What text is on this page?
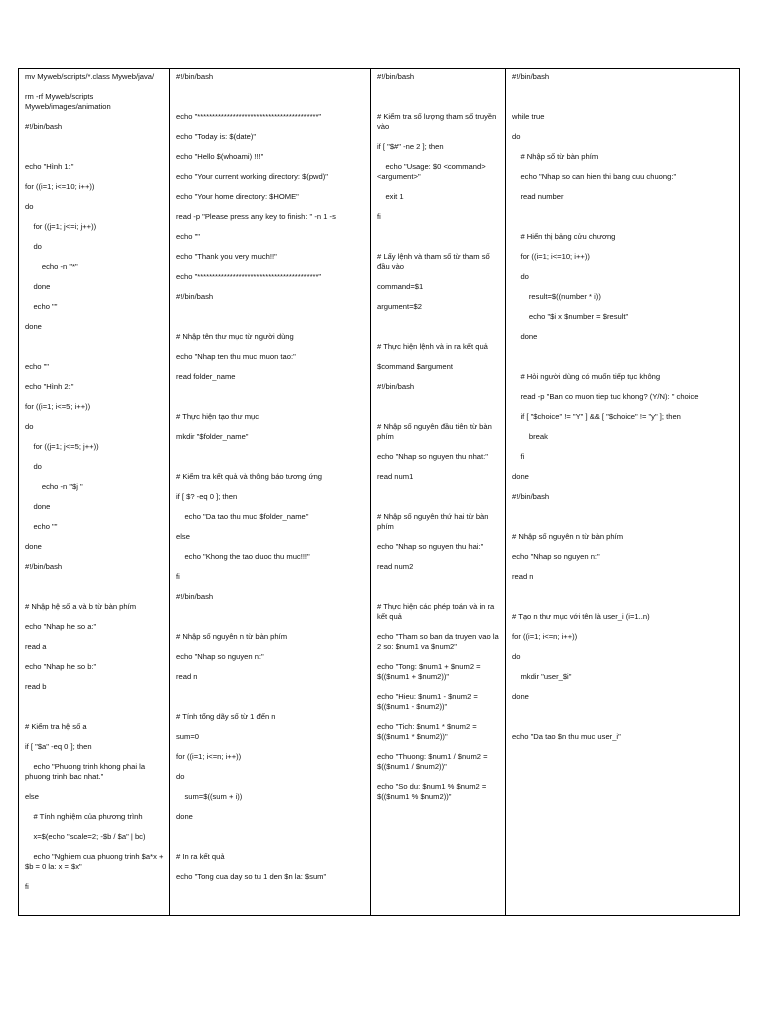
mv Myweb/scripts/*.class Myweb/java/
rm -rf Myweb/scripts Myweb/images/animation
#!/bin/bash
echo "Hình 1:"
for ((i=1; i<=10; i++))
do
for ((j=1; j<=i; j++))
do
echo -n "*"
done
echo ""
done
echo ""
echo "Hình 2:"
for ((i=1; i<=5; i++))
do
for ((j=1; j<=5; j++))
do
echo -n "$j "
done
echo ""
done
#!/bin/bash
# Nhập hệ số a và b từ bàn phím
echo "Nhap he so a:"
read a
echo "Nhap he so b:"
read b
# Kiểm tra hệ số a
if [ "$a" -eq 0 ]; then
echo "Phuong trinh khong phai la phuong trinh bac nhat."
else
# Tính nghiệm của phương trình
x=$(echo "scale=2; -$b / $a" | bc)
echo "Nghiem cua phuong trinh $a*x + $b = 0 la: x = $x"
fi
#!/bin/bash
echo "*****************************************"
echo "Today is: $(date)"
echo "Hello $(whoami) !!!"
echo "Your current working directory: $(pwd)"
echo "Your home directory: $HOME"
read -p "Please press any key to finish: " -n 1 -s
echo ""
echo "Thank you very much!!"
echo "*****************************************"
#!/bin/bash
# Nhập tên thư mục từ người dùng
echo "Nhap ten thu muc muon tao:"
read folder_name
# Thực hiện tạo thư mục
mkdir "$folder_name"
# Kiểm tra kết quả và thông báo tương ứng
if [ $? -eq 0 ]; then
echo "Da tao thu muc $folder_name"
else
echo "Khong the tao duoc thu muc!!!"
fi
#!/bin/bash
# Nhập số nguyên n từ bàn phím
echo "Nhap so nguyen n:"
read n
# Tính tổng dãy số từ 1 đến n
sum=0
for ((i=1; i<=n; i++))
do
sum=$((sum + i))
done
# In ra kết quả
echo "Tong cua day so tu 1 den $n la: $sum"
#!/bin/bash
# Kiểm tra số lượng tham số truyền vào
if [ "$#" -ne 2 ]; then
echo "Usage: $0 <command> <argument>"
exit 1
fi
# Lấy lệnh và tham số từ tham số đầu vào
command=$1
argument=$2
# Thực hiện lệnh và in ra kết quả
$command $argument
#!/bin/bash
# Nhập số nguyên đầu tiên từ bàn phím
echo "Nhap so nguyen thu nhat:"
read num1
# Nhập số nguyên thứ hai từ bàn phím
echo "Nhap so nguyen thu hai:"
read num2
# Thực hiện các phép toán và in ra kết quả
echo "Tham so ban da truyen vao la 2 so: $num1 va $num2"
echo "Tong: $num1 + $num2 = $(($num1 + $num2))"
echo "Hieu: $num1 - $num2 = $(($num1 - $num2))"
echo "Tich: $num1 * $num2 = $(($num1 * $num2))"
echo "Thuong: $num1 / $num2 = $(($num1 / $num2))"
echo "So du: $num1 % $num2 = $(($num1 % $num2))"
#!/bin/bash
while true
do
# Nhập số từ bàn phím
echo "Nhap so can hien thi bang cuu chuong:"
read number
# Hiển thị bảng cửu chương
for ((i=1; i<=10; i++))
do
result=$((number * i))
echo "$i x $number = $result"
done
# Hỏi người dùng có muốn tiếp tục không
read -p "Ban co muon tiep tuc khong? (Y/N): " choice
if [ "$choice" != "Y" ] && [ "$choice" != "y" ]; then
break
fi
done
#!/bin/bash
# Nhập số nguyên n từ bàn phím
echo "Nhap so nguyen n:"
read n
# Tạo n thư mục với tên là user_i (i=1..n)
for ((i=1; i<=n; i++))
do
mkdir "user_$i"
done
echo "Da tao $n thu muc user_i"
